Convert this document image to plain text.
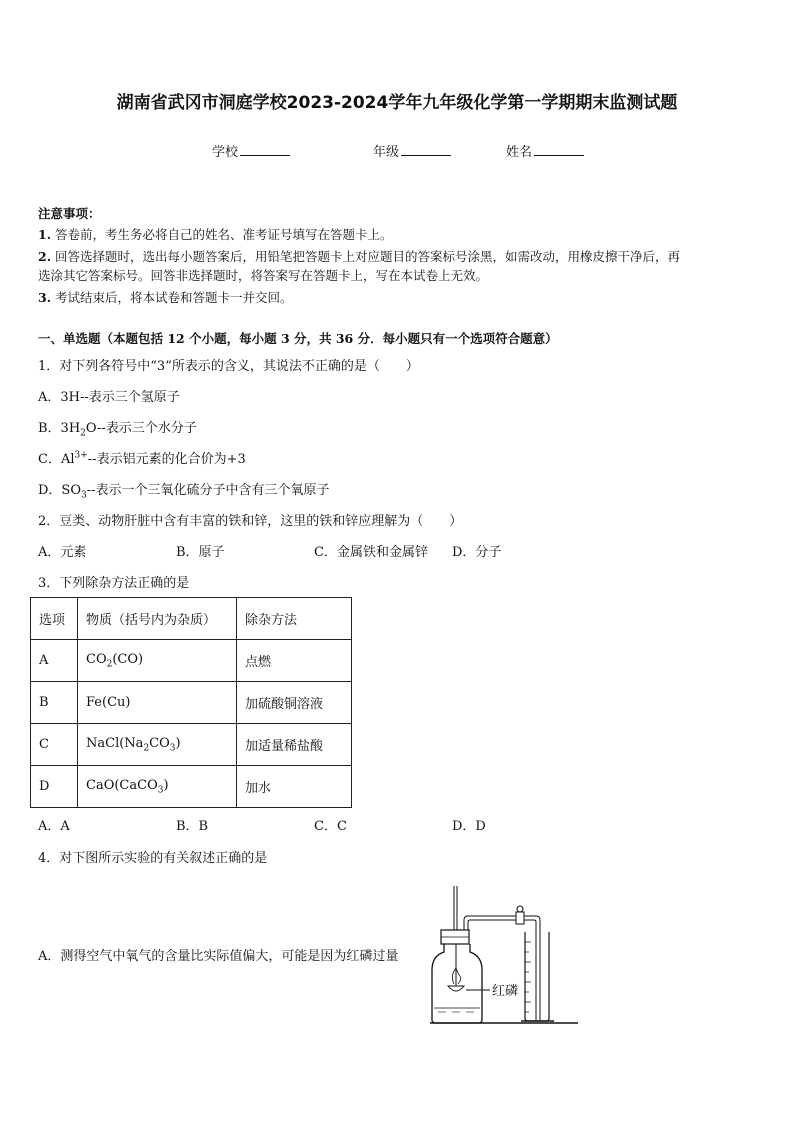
湖南省武冈市洞庭学校2023-2024学年九年级化学第一学期期末监测试题
学校	年级	姓名
注意事项：
1. 答卷前，考生务必将自己的姓名、准考证号填写在答题卡上。
2. 回答选择题时，选出每小题答案后，用铅笔把答题卡上对应题目的答案标号涂黑，如需改动，用橡皮擦干净后，再
选涂其它答案标号。回答非选择题时，将答案写在答题卡上，写在本试卷上无效。
3. 考试结束后，将本试卷和答题卡一并交回。
一、单选题（本题包括 12 个小题，每小题 3 分，共 36 分．每小题只有一个选项符合题意）
1．对下列各符号中“3”所表示的含义，其说法不正确的是（　　）
A．3H--表示三个氢原子
B．$3H_2O--$表示三个水分子
C．$Al^{3+}--$表示铝元素的化合价为+3
D．$SO_3--$表示一个三氧化硫分子中含有三个氧原子
2．豆类、动物肝脏中含有丰富的铁和锌，这里的铁和锌应理解为（　　）
A．元素	B．原子	C．金属铁和金属锌 D．分子
3．下列除杂方法正确的是
选项	物质（括号内为杂质）	除杂方法
A	$CO_2(CO)$	点燃
B	Fe(Cu)	加硫酸铜溶液
C	$NaCl(Na_2CO_3)$	加适量稀盐酸
D	CaO(CaCO$_3$)	加水
A．A	B．B	C．C	D．D
4．对下图所示实验的有关叙述正确的是
A．测得空气中氧气的含量比实际值偏大，可能是因为红磷过量
红磷
